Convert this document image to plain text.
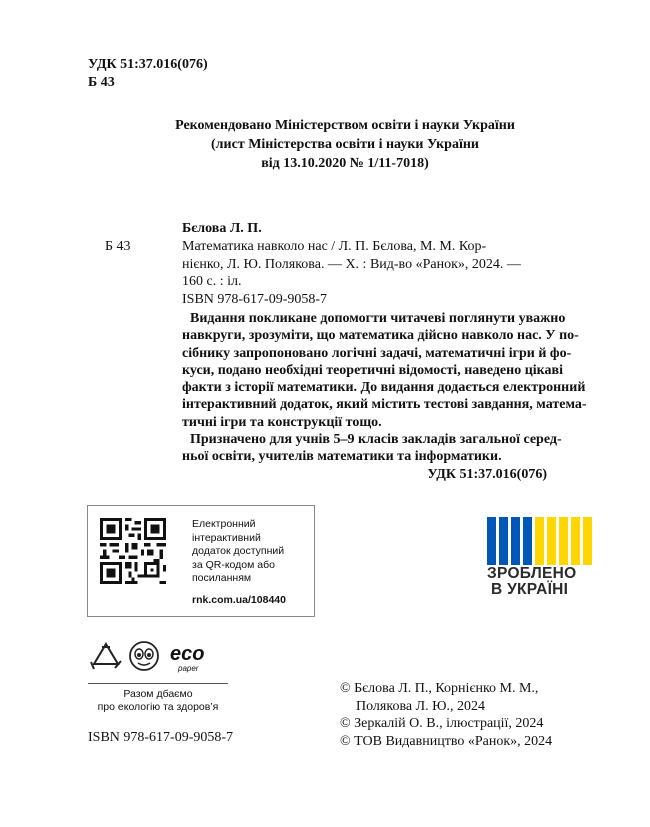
УДК 51:37.016(076)
Б 43
Рекомендовано Міністерством освіти і науки України
(лист Міністерства освіти і науки України
від 13.10.2020 № 1/11-7018)
Бєлова Л. П.
Б 43	Математика навколо нас / Л. П. Бєлова, М. М. Кор-
нієнко, Л. Ю. Полякова. — Х. : Вид-во «Ранок», 2024. —
160 с. : іл.
ISBN 978-617-09-9058-7
Видання покликане допомогти читачеві поглянути уважно
навкруги, зрозуміти, що математика дійсно навколо нас. У по-
сібнику запропоновано логічні задачі, математичні ігри й фо-
куси, подано необхідні теоретичні відомості, наведено цікаві
факти з історії математики. До видання додається електронний
інтерактивний додаток, який містить тестові завдання, матема-
тичні ігри та конструкції тощо.
Призначено для учнів 5–9 класів закладів загальної серед-
ньої освіти, учителів математики та інформатики.
УДК 51:37.016(076)
Електронний
інтерактивний
додаток доступний
за QR-кодом або
посиланням
rnk.com.ua/108440
ЗРОБЛЕНО
В УКРАЇНІ
eco
paper
Разом дбаємо
про екологію та здоров’я
ISBN 978-617-09-9058-7
© Бєлова Л. П., Корнієнко М. М.,
Полякова Л. Ю., 2024
© Зеркалій О. В., ілюстрації, 2024
© ТОВ Видавництво «Ранок», 2024
